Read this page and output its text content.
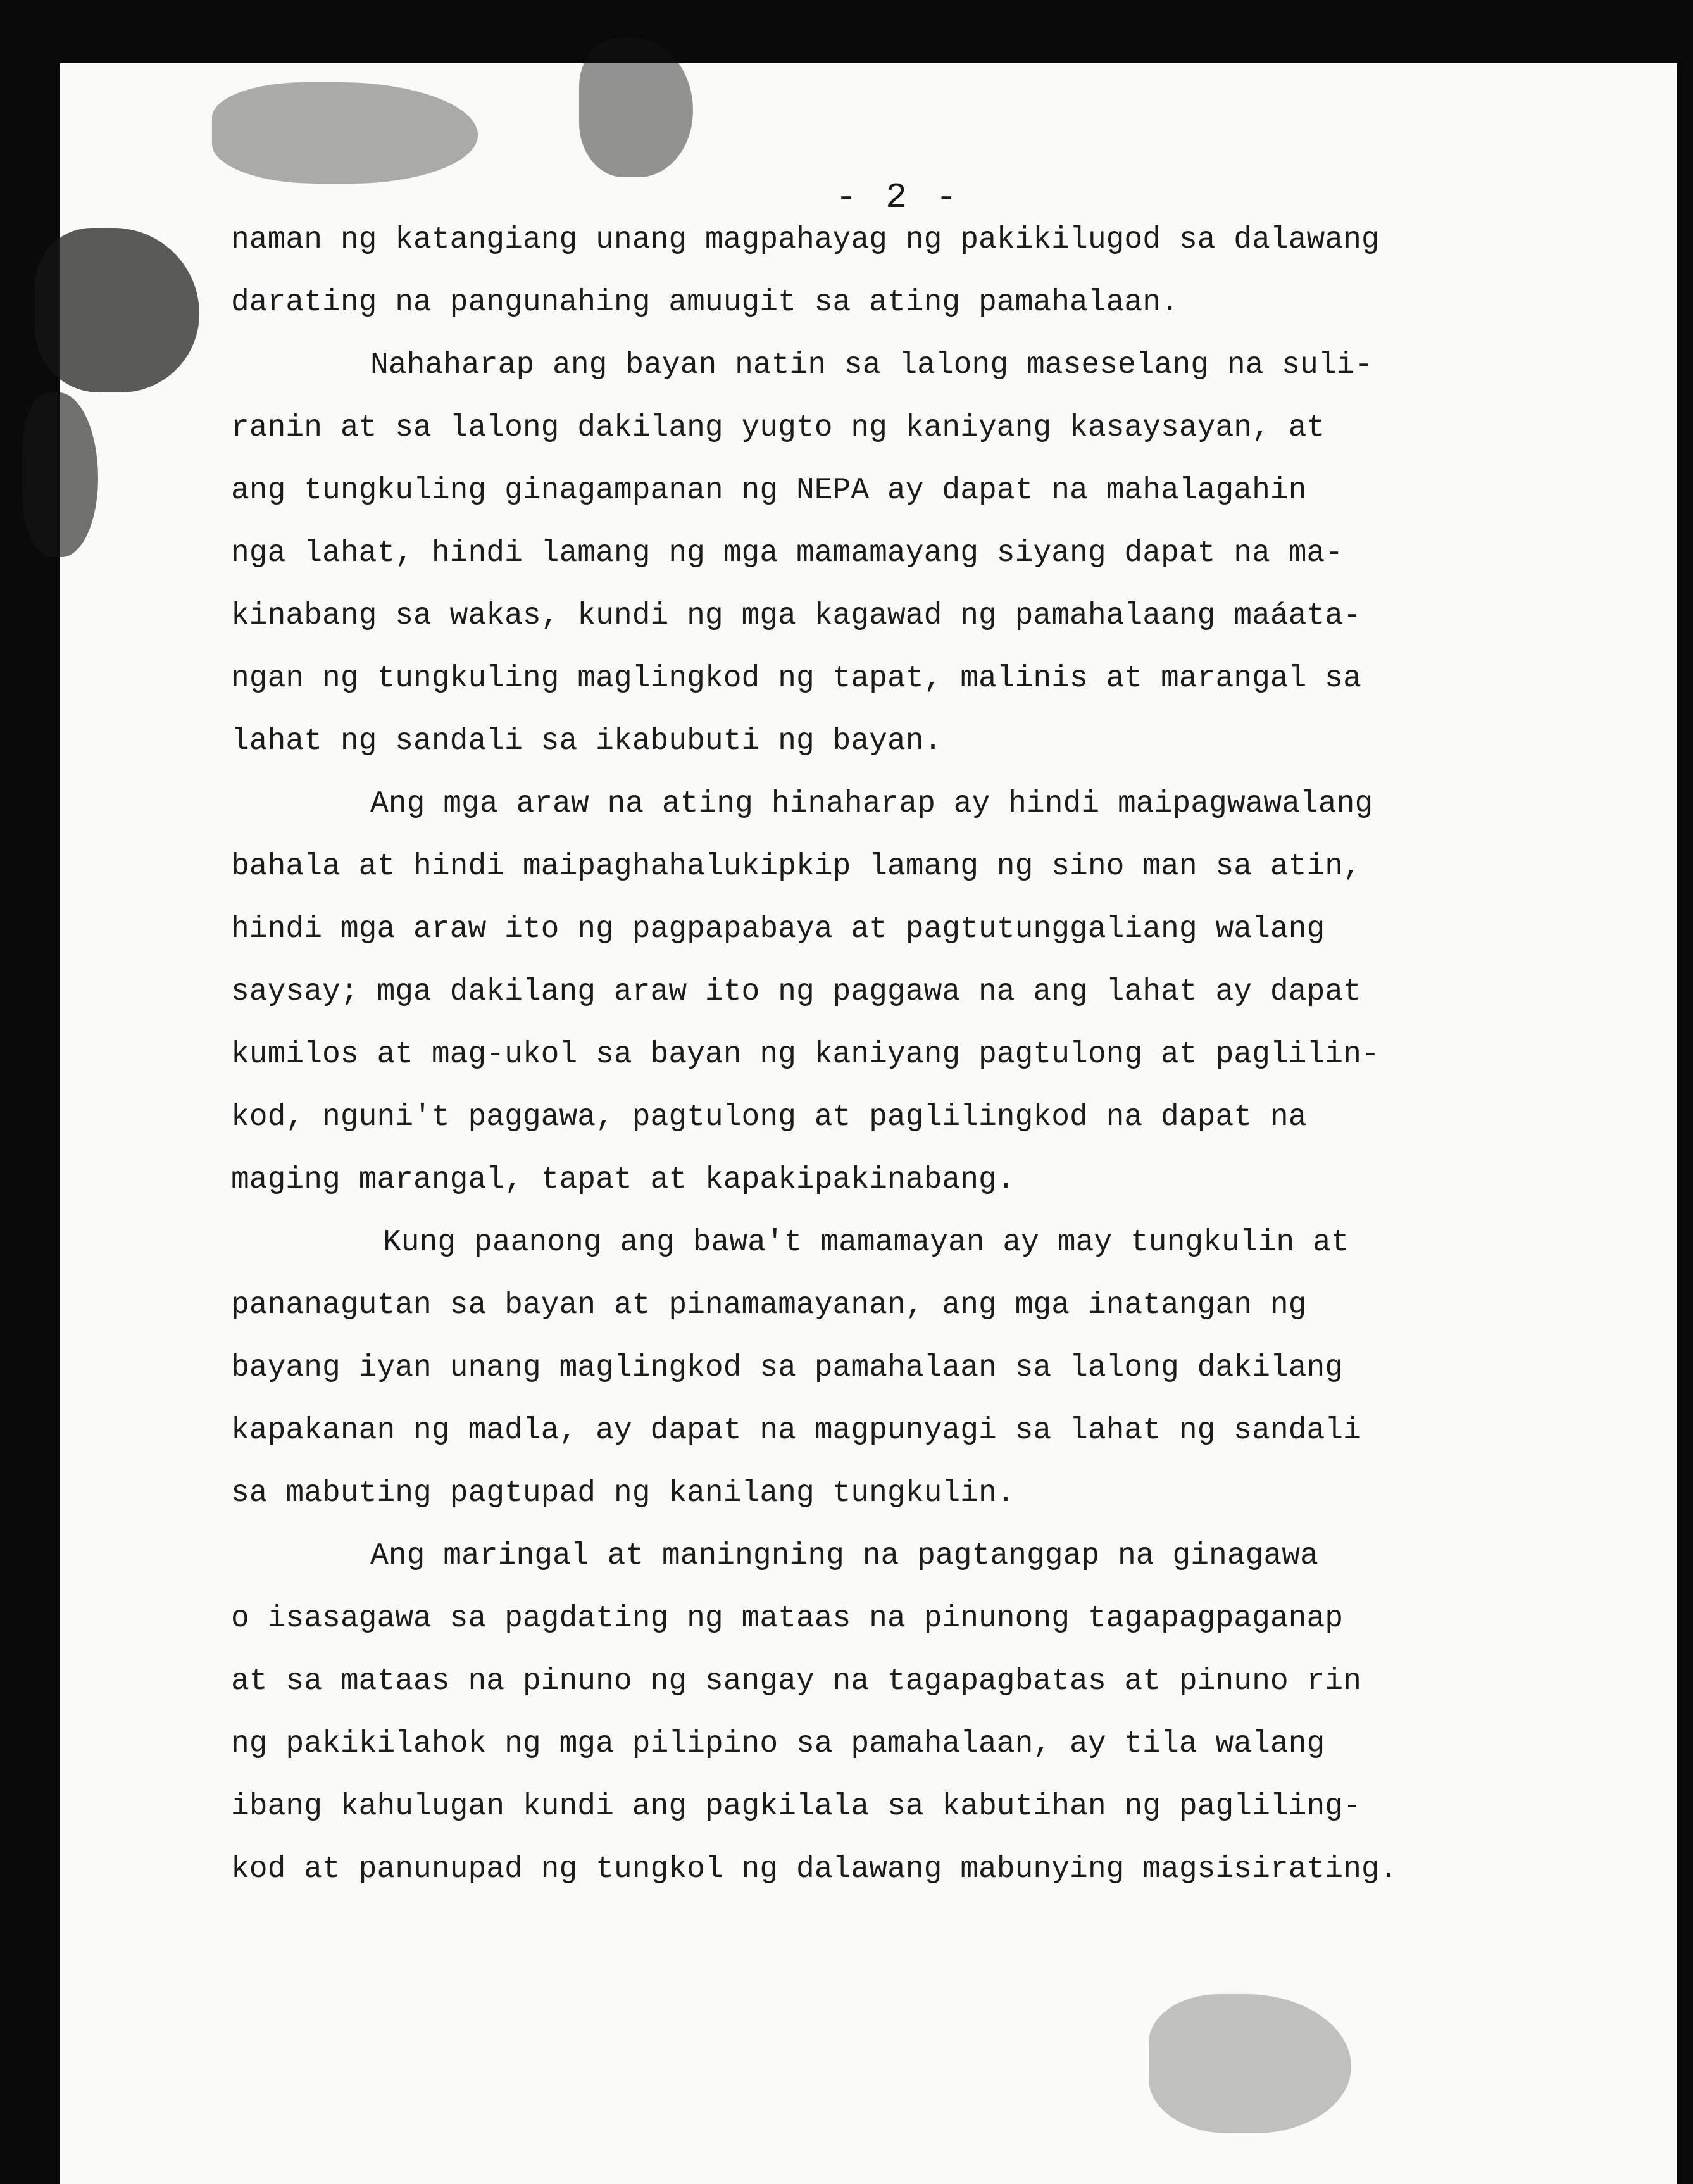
- 2 -
naman ng katangiang unang magpahayag ng pakikilugod sa dalawang
darating na pangunahing amuugit sa ating pamahalaan.
Nahaharap ang bayan natin sa lalong maseselang na suli-
ranin at sa lalong dakilang yugto ng kaniyang kasaysayan, at
ang tungkuling ginagampanan ng NEPA ay dapat na mahalagahin
nga lahat, hindi lamang ng mga mamamayang siyang dapat na ma-
kinabang sa wakas, kundi ng mga kagawad ng pamahalaang maáata-
ngan ng tungkuling maglingkod ng tapat, malinis at marangal sa
lahat ng sandali sa ikabubuti ng bayan.
Ang mga araw na ating hinaharap ay hindi maipagwawalang
bahala at hindi maipaghahalukipkip lamang ng sino man sa atin,
hindi mga araw ito ng pagpapabaya at pagtutunggaliang walang
saysay; mga dakilang araw ito ng paggawa na ang lahat ay dapat
kumilos at mag-ukol sa bayan ng kaniyang pagtulong at paglilin-
kod, nguni't paggawa, pagtulong at paglilingkod na dapat na
maging marangal, tapat at kapakipakinabang.
Kung paanong ang bawa't mamamayan ay may tungkulin at
pananagutan sa bayan at pinamamayanan, ang mga inatangan ng
bayang iyan unang maglingkod sa pamahalaan sa lalong dakilang
kapakanan ng madla, ay dapat na magpunyagi sa lahat ng sandali
sa mabuting pagtupad ng kanilang tungkulin.
Ang maringal at maningning na pagtanggap na ginagawa
o isasagawa sa pagdating ng mataas na pinunong tagapagpaganap
at sa mataas na pinuno ng sangay na tagapagbatas at pinuno rin
ng pakikilahok ng mga pilipino sa pamahalaan, ay tila walang
ibang kahulugan kundi ang pagkilala sa kabutihan ng pagliling-
kod at panunupad ng tungkol ng dalawang mabunying magsisirating.
